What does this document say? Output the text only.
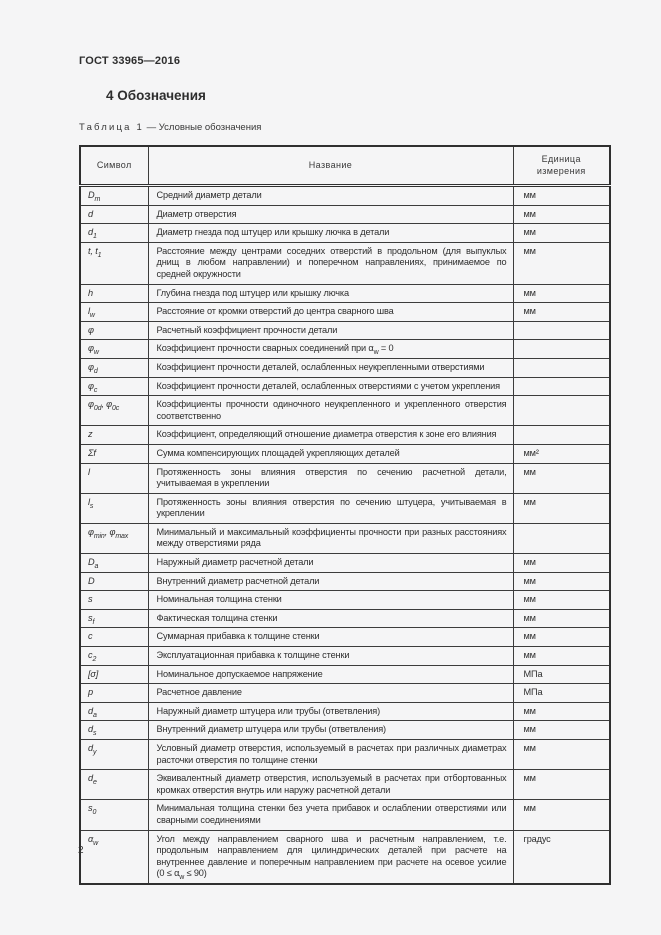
ГОСТ 33965—2016
4 Обозначения
Таблица 1 — Условные обозначения
Символ	Название	Единица измерения
$D_m$	Средний диаметр детали	мм
d	Диаметр отверстия	мм
$d_1$	Диаметр гнезда под штуцер или крышку лючка в детали	мм
t, $t_1$	Расстояние между центрами соседних отверстий в продольном (для выпуклых днищ в любом направлении) и поперечном направлениях, принимаемое по средней окружности	мм
h	Глубина гнезда под штуцер или крышку лючка	мм
$l_w$	Расстояние от кромки отверстий до центра сварного шва	мм
φ	Расчетный коэффициент прочности детали	
$\varphi_w$	Коэффициент прочности сварных соединений при $\alpha_w = 0$	
$\varphi_d$	Коэффициент прочности деталей, ослабленных неукрепленными отверстиями	
$\varphi_c$	Коэффициент прочности деталей, ослабленных отверстиями с учетом укрепления	
$\varphi_{0d}$, $\varphi_{0c}$	Коэффициенты прочности одиночного неукрепленного и укрепленного отверстия соответственно	
z	Коэффициент, определяющий отношение диаметра отверстия к зоне его влияния	
Σf	Сумма компенсирующих площадей укрепляющих деталей	мм²
l	Протяженность зоны влияния отверстия по сечению расчетной детали, учитываемая в укреплении	мм
$l_s$	Протяженность зоны влияния отверстия по сечению штуцера, учитываемая в укреплении	мм
$\varphi_{min}$, $\varphi_{max}$	Минимальный и максимальный коэффициенты прочности при разных расстояниях между отверстиями ряда	
$D_a$	Наружный диаметр расчетной детали	мм
D	Внутренний диаметр расчетной детали	мм
s	Номинальная толщина стенки	мм
$s_f$	Фактическая толщина стенки	мм
c	Суммарная прибавка к толщине стенки	мм
$c_2$	Эксплуатационная прибавка к толщине стенки	мм
[σ]	Номинальное допускаемое напряжение	МПа
p	Расчетное давление	МПа
$d_a$	Наружный диаметр штуцера или трубы (ответвления)	мм
$d_s$	Внутренний диаметр штуцера или трубы (ответвления)	мм
$d_y$	Условный диаметр отверстия, используемый в расчетах при различных диаметрах расточки отверстия по толщине стенки	мм
$d_e$	Эквивалентный диаметр отверстия, используемый в расчетах при отбортованных кромках отверстия внутрь или наружу расчетной детали	мм
$s_0$	Минимальная толщина стенки без учета прибавок и ослаблении отверстиями или сварными соединениями	мм
$\alpha_w$	Угол между направлением сварного шва и расчетным направлением, т.е. продольным направлением для цилиндрических деталей при расчете на внутреннее давление и поперечным направлением при расчете на осевое усилие $(0 \le \alpha_w \le 90)$	градус
2
